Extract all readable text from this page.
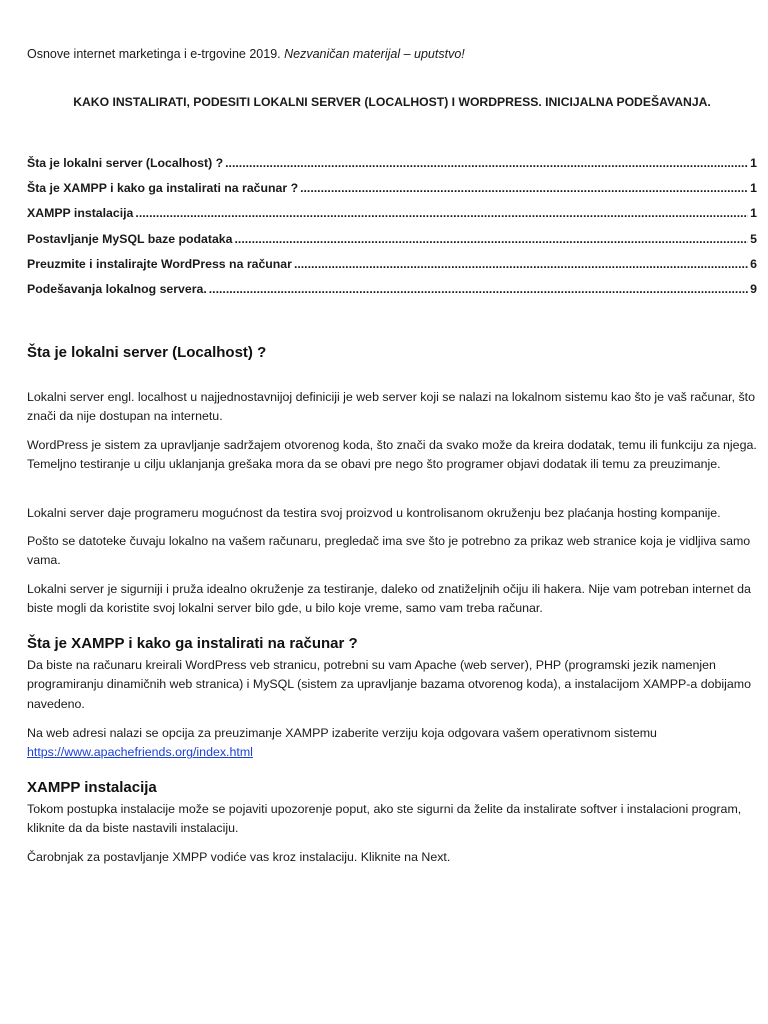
Osnove internet marketinga i e-trgovine 2019. Nezvaničan materijal – uputstvo!
KAKO INSTALIRATI, PODESITI LOKALNI SERVER (LOCALHOST) I WORDPRESS. INICIJALNA PODEŠAVANJA.
Šta je lokalni server (Localhost) ? .....	1
Šta je XAMPP i kako ga instalirati na računar ? .....	1
XAMPP instalacija .....	1
Postavljanje MySQL baze podataka .....	5
Preuzmite i instalirajte WordPress na računar .....	6
Podešavanja lokalnog servera. .....	9
Šta je lokalni server (Localhost) ?

Lokalni server engl. localhost u najjednostavnijoj definiciji je web server koji se nalazi na lokalnom sistemu kao što je vaš računar, što znači da nije dostupan na internetu.

WordPress je sistem za upravljanje sadržajem otvorenog koda, što znači da svako može da kreira dodatak, temu ili funkciju za njega. Temeljno testiranje u cilju uklanjanja grešaka mora da se obavi pre nego što programer objavi dodatak ili temu za preuzimanje.

Lokalni server daje programeru mogućnost da testira svoj proizvod u kontrolisanom okruženju bez plaćanja hosting kompanije.

Pošto se datoteke čuvaju lokalno na vašem računaru, pregledač ima sve što je potrebno za prikaz web stranice koja je vidljiva samo vama.

Lokalni server je sigurniji i pruža idealno okruženje za testiranje, daleko od znatiželjnih očiju ili hakera. Nije vam potreban internet da biste mogli da koristite svoj lokalni server bilo gde, u bilo koje vreme, samo vam treba računar.

Šta je XAMPP i kako ga instalirati na računar ?

Da biste na računaru kreirali WordPress veb stranicu, potrebni su vam Apache (web server), PHP (programski jezik namenjen programiranju dinamičnih web stranica) i MySQL (sistem za upravljanje bazama otvorenog koda), a instalacijom XAMPP-a dobijamo navedeno.

Na web adresi nalazi se opcija za preuzimanje XAMPP izaberite verziju koja odgovara vašem operativnom sistemu
https://www.apachefriends.org/index.html

XAMPP instalacija

Tokom postupka instalacije može se pojaviti upozorenje poput, ako ste sigurni da želite da instalirate softver i instalacioni program, kliknite da da biste nastavili instalaciju.

Čarobnjak za postavljanje XMPP vodiće vas kroz instalaciju. Kliknite na Next.
